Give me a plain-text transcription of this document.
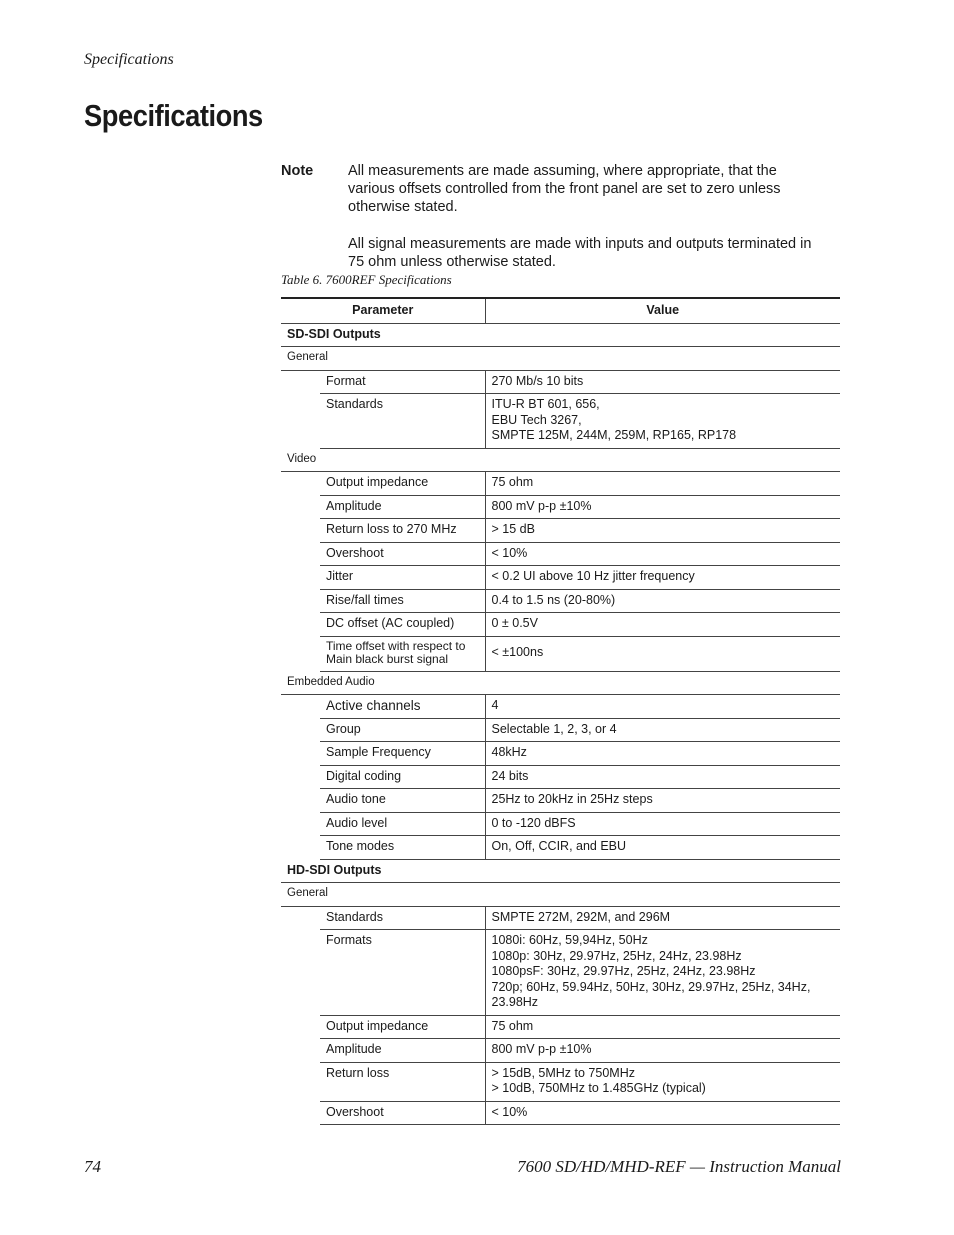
Specifications
Specifications
Note All measurements are made assuming, where appropriate, that the various offsets controlled from the front panel are set to zero unless otherwise stated.

All signal measurements are made with inputs and outputs terminated in 75 ohm unless otherwise stated.

Table 6. 7600REF Specifications
Parameter		Value
SD-SDI Outputs		
General		
	Format	270 Mb/s 10 bits

	Standards	ITU-R BT 601, 656,
EBU Tech 3267,
SMPTE 125M, 244M, 259M, RP165, RP178

Video		
	Output impedance	75 ohm

	Amplitude	800 mV p-p ±10%

	Return loss to 270 MHz	> 15 dB

	Overshoot	< 10%

	Jitter	< 0.2 UI above 10 Hz jitter frequency

	Rise/fall times	0.4 to 1.5 ns (20-80%)

	DC offset (AC coupled)	0 ± 0.5V

	Time offset with respect to Main black burst signal	< ±100ns

Embedded Audio		
	Active channels	4

	Group	Selectable 1, 2, 3, or 4

	Sample Frequency	48kHz

	Digital coding	24 bits

	Audio tone	25Hz to 20kHz in 25Hz steps

	Audio level	0 to -120 dBFS

	Tone modes	On, Off, CCIR, and EBU

HD-SDI Outputs		
General		
	Standards	SMPTE 272M, 292M, and 296M

	Formats	1080i: 60Hz, 59,94Hz, 50Hz
1080p: 30Hz, 29.97Hz, 25Hz, 24Hz, 23.98Hz
1080psF: 30Hz, 29.97Hz, 25Hz, 24Hz, 23.98Hz
720p; 60Hz, 59.94Hz, 50Hz, 30Hz, 29.97Hz, 25Hz, 34Hz, 23.98Hz

	Output impedance	75 ohm

	Amplitude	800 mV p-p ±10%

	Return loss	> 15dB, 5MHz to 750MHz
> 10dB, 750MHz to 1.485GHz (typical)

	Overshoot	< 10%
74	7600 SD/HD/MHD-REF — Instruction Manual
